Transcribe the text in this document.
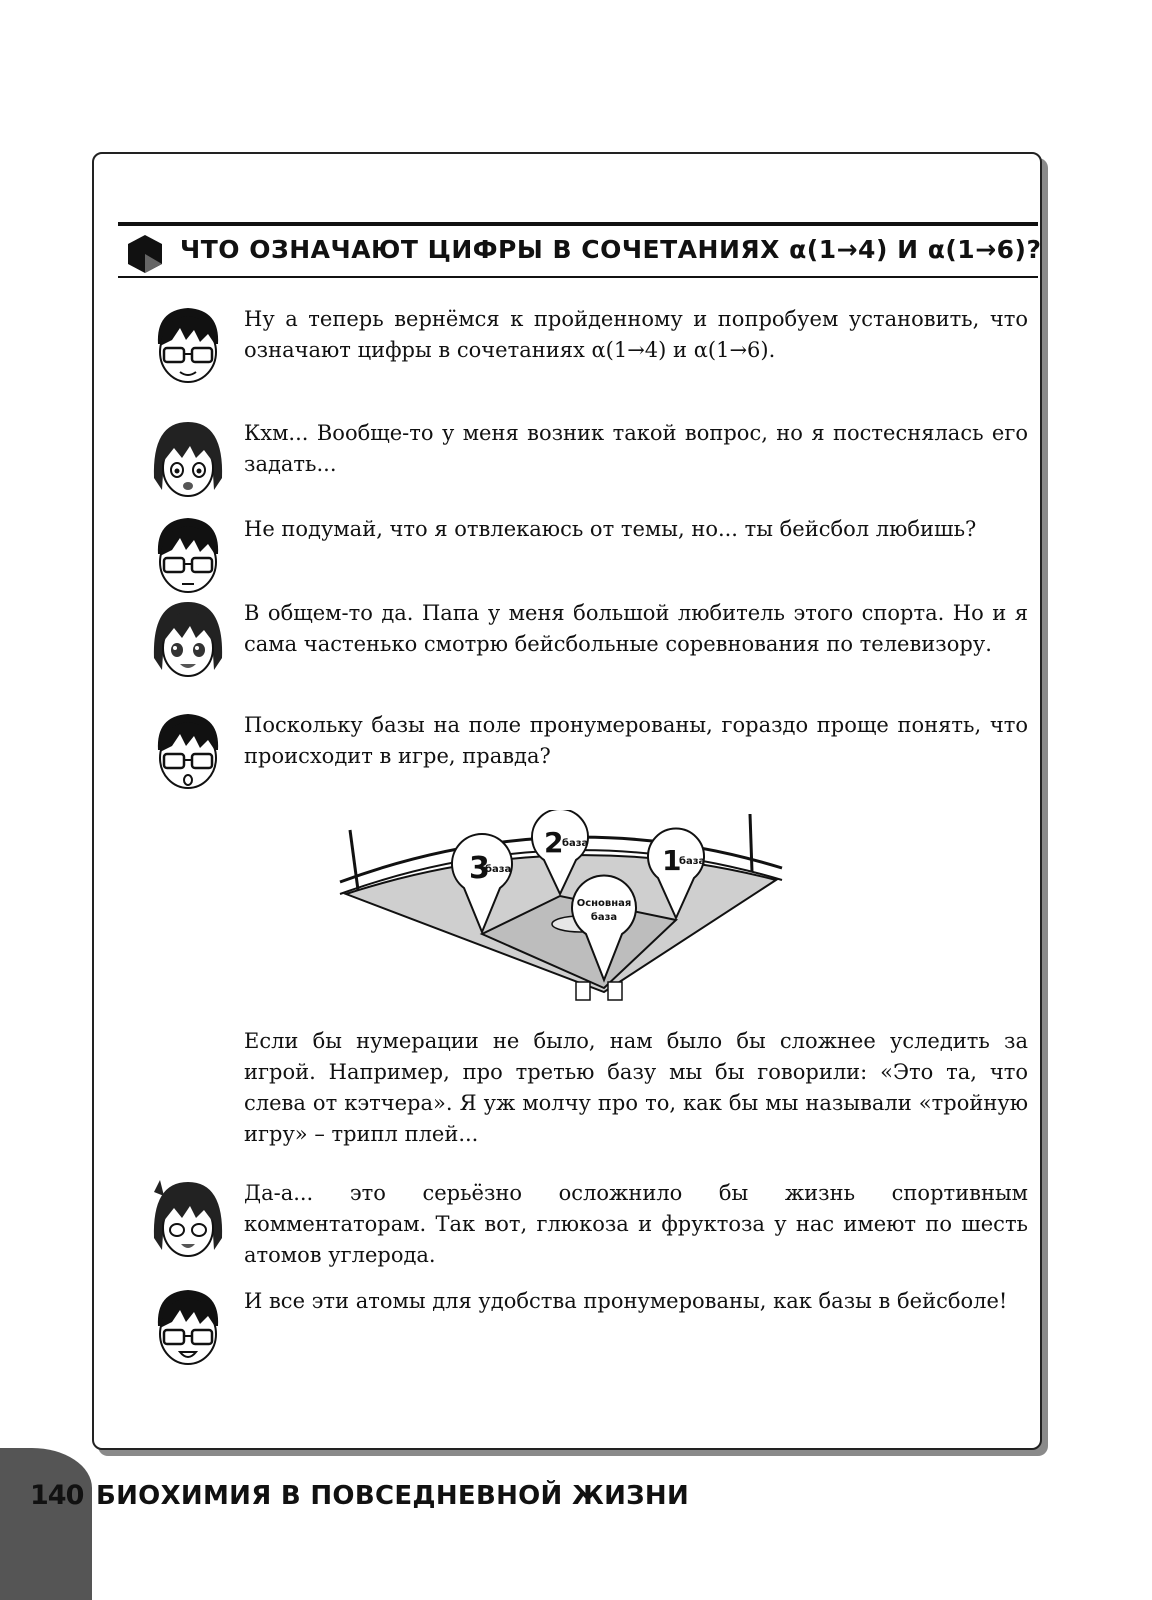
ЧТО ОЗНАЧАЮТ ЦИФРЫ В СОЧЕТАНИЯХ α(1→4) И α(1→6)?
Ну а теперь вернёмся к пройденному и попробуем установить, что означают цифры в сочетаниях α(1→4) и α(1→6).
Кхм... Вообще-то у меня возник такой вопрос, но я постеснялась его задать...
Не подумай, что я отвлекаюсь от темы, но... ты бейсбол любишь?
В общем-то да. Папа у меня большой любитель этого спорта. Но и я сама частенько смотрю бейсбольные соревнования по телевизору.
Поскольку базы на поле пронумерованы, гораздо проще понять, что происходит в игре, правда?
3
база
2
база
1
база
Основная
база
Если бы нумерации не было, нам было бы сложнее уследить за игрой. Например, про третью базу мы бы говорили: «Это та, что слева от кэтчера». Я уж молчу про то, как бы мы называли «тройную игру» – трипл плей...
Да-а... это серьёзно осложнило бы жизнь спортивным комментаторам. Так вот, глюкоза и фруктоза у нас имеют по шесть атомов углерода.
И все эти атомы для удобства пронумерованы, как базы в бейсболе!
140 БИОХИМИЯ В ПОВСЕДНЕВНОЙ ЖИЗНИ
